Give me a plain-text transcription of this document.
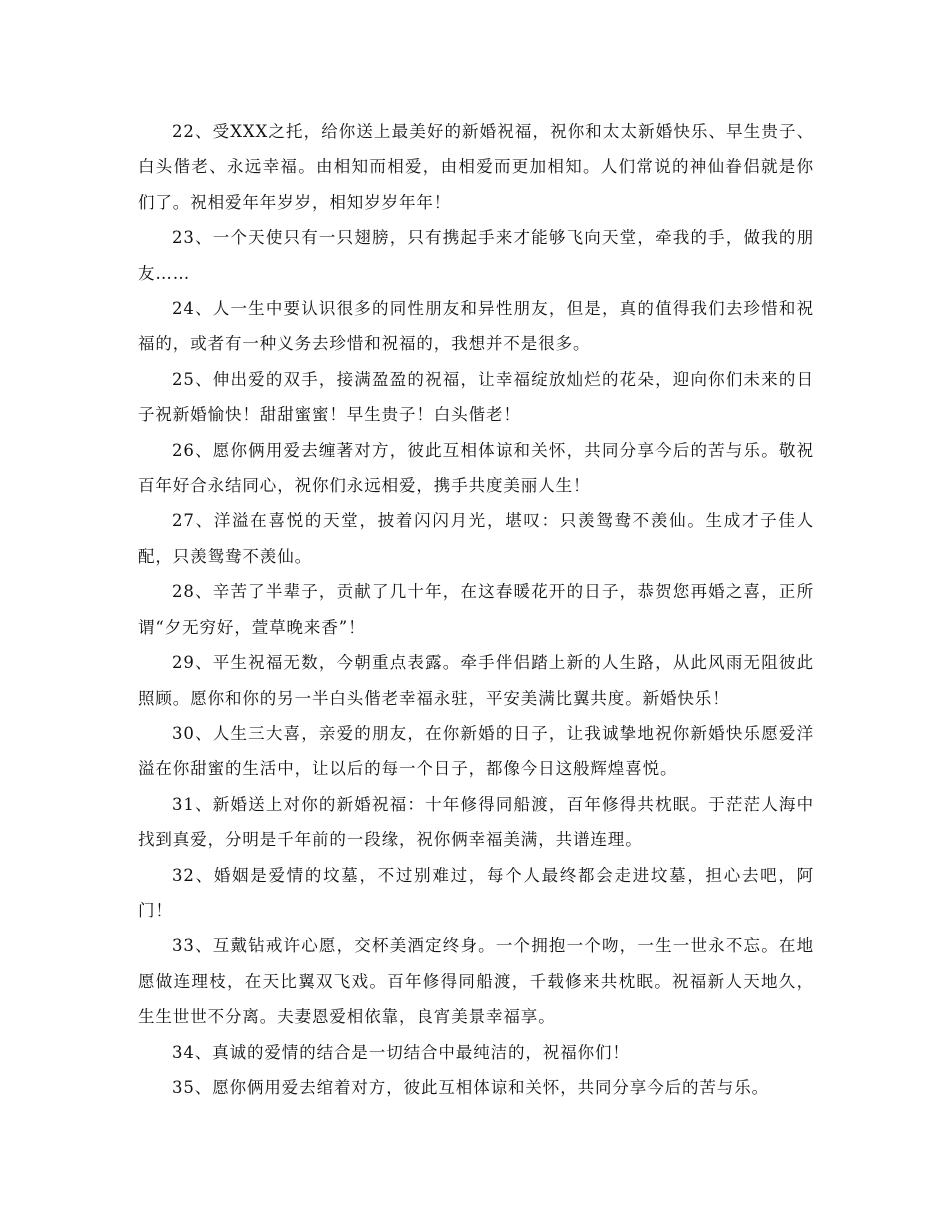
22、受XXX之托，给你送上最美好的新婚祝福，祝你和太太新婚快乐、早生贵子、白头偕老、永远幸福。由相知而相爱，由相爱而更加相知。人们常说的神仙眷侣就是你们了。祝相爱年年岁岁，相知岁岁年年！

23、一个天使只有一只翅膀，只有携起手来才能够飞向天堂，牵我的手，做我的朋友……

24、人一生中要认识很多的同性朋友和异性朋友，但是，真的值得我们去珍惜和祝福的，或者有一种义务去珍惜和祝福的，我想并不是很多。

25、伸出爱的双手，接满盈盈的祝福，让幸福绽放灿烂的花朵，迎向你们未来的日子祝新婚愉快！甜甜蜜蜜！早生贵子！白头偕老！

26、愿你俩用爱去缠著对方，彼此互相体谅和关怀，共同分享今后的苦与乐。敬祝百年好合永结同心，祝你们永远相爱，携手共度美丽人生！

27、洋溢在喜悦的天堂，披着闪闪月光，堪叹：只羡鸳鸯不羡仙。生成才子佳人配，只羡鸳鸯不羡仙。

28、辛苦了半辈子，贡献了几十年，在这春暖花开的日子，恭贺您再婚之喜，正所谓“夕无穷好，萱草晚来香”！

29、平生祝福无数，今朝重点表露。牵手伴侣踏上新的人生路，从此风雨无阻彼此照顾。愿你和你的另一半白头偕老幸福永驻，平安美满比翼共度。新婚快乐！

30、人生三大喜，亲爱的朋友，在你新婚的日子，让我诚挚地祝你新婚快乐愿爱洋溢在你甜蜜的生活中，让以后的每一个日子，都像今日这般辉煌喜悦。

31、新婚送上对你的新婚祝福：十年修得同船渡，百年修得共枕眠。于茫茫人海中找到真爱，分明是千年前的一段缘，祝你俩幸福美满，共谱连理。

32、婚姻是爱情的坟墓，不过别难过，每个人最终都会走进坟墓，担心去吧，阿门！

33、互戴钻戒许心愿，交杯美酒定终身。一个拥抱一个吻，一生一世永不忘。在地愿做连理枝，在天比翼双飞戏。百年修得同船渡，千载修来共枕眠。祝福新人天地久，生生世世不分离。夫妻恩爱相依靠，良宵美景幸福享。

34、真诚的爱情的结合是一切结合中最纯洁的，祝福你们！

35、愿你俩用爱去绾着对方，彼此互相体谅和关怀，共同分享今后的苦与乐。
